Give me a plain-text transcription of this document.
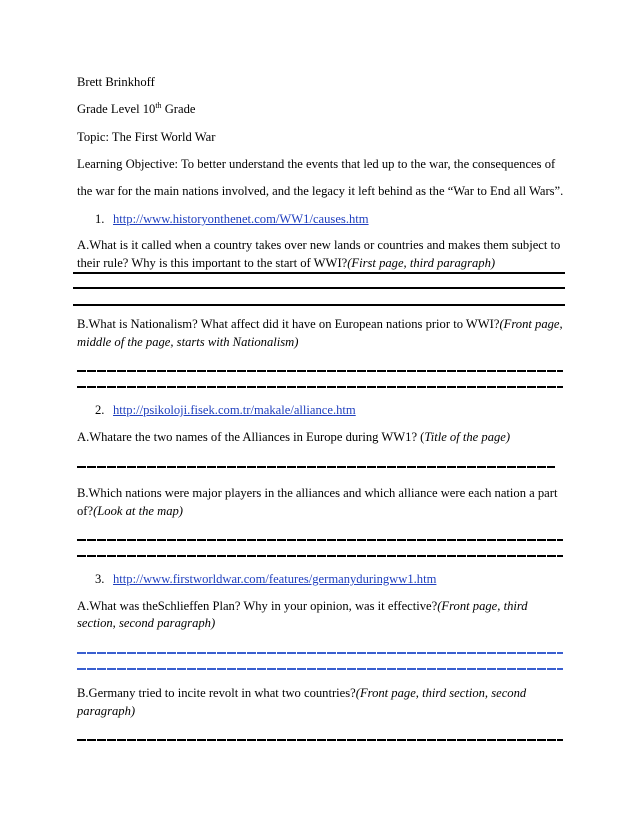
Brett Brinkhoff
Grade Level 10th Grade
Topic: The First World War
Learning Objective: To better understand the events that led up to the war, the consequences of
the war for the main nations involved, and the legacy it left behind as the “War to End all Wars”.
1. http://www.historyonthenet.com/WW1/causes.htm
A.What is it called when a country takes over new lands or countries and makes them subject to
their rule? Why is this important to the start of WWI?(First page, third paragraph)
B.What is Nationalism? What affect did it have on European nations prior to WWI?(Front page,
middle of the page, starts with Nationalism)
2. http://psikoloji.fisek.com.tr/makale/alliance.htm
A.Whatare the two names of the Alliances in Europe during WW1? (Title of the page)
B.Which nations were major players in the alliances and which alliance were each nation a part
of?(Look at the map)
3. http://www.firstworldwar.com/features/germanyduringww1.htm
A.What was theSchlieffen Plan? Why in your opinion, was it effective?(Front page, third
section, second paragraph)
B.Germany tried to incite revolt in what two countries?(Front page, third section, second
paragraph)
